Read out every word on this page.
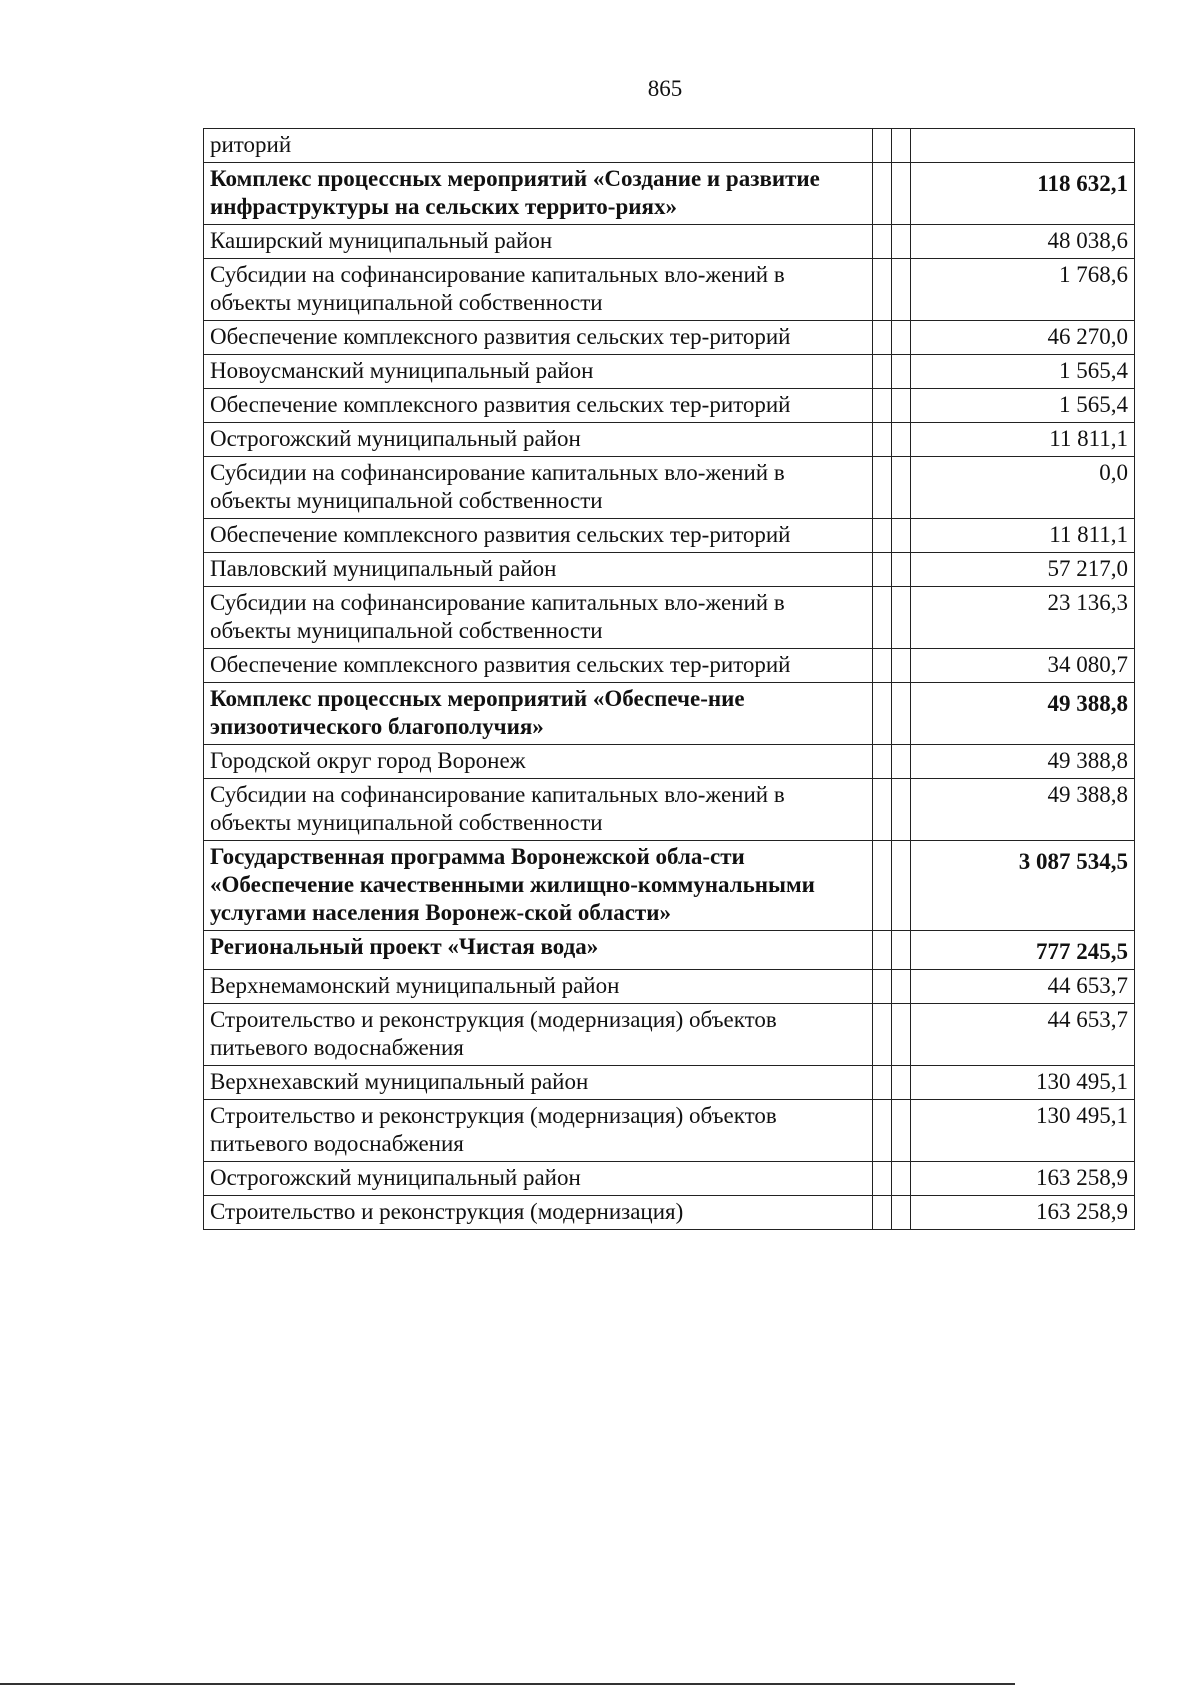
865
риторий			
Комплекс процессных мероприятий «Создание и развитие инфраструктуры на сельских террито-риях»			118 632,1
Каширский муниципальный район			48 038,6
Субсидии на софинансирование капитальных вло-жений в объекты муниципальной собственности			1 768,6
Обеспечение комплексного развития сельских тер-риторий			46 270,0
Новоусманский муниципальный район			1 565,4
Обеспечение комплексного развития сельских тер-риторий			1 565,4
Острогожский муниципальный район			11 811,1
Субсидии на софинансирование капитальных вло-жений в объекты муниципальной собственности			0,0
Обеспечение комплексного развития сельских тер-риторий			11 811,1
Павловский муниципальный район			57 217,0
Субсидии на софинансирование капитальных вло-жений в объекты муниципальной собственности			23 136,3
Обеспечение комплексного развития сельских тер-риторий			34 080,7
Комплекс процессных мероприятий «Обеспече-ние эпизоотического благополучия»			49 388,8
Городской округ город Воронеж			49 388,8
Субсидии на софинансирование капитальных вло-жений в объекты муниципальной собственности			49 388,8
Государственная программа Воронежской обла-сти «Обеспечение качественными жилищно-коммунальными услугами населения Воронеж-ской области»			3 087 534,5
Региональный проект «Чистая вода»			777 245,5
Верхнемамонский муниципальный район			44 653,7
Строительство и реконструкция (модернизация) объектов питьевого водоснабжения			44 653,7
Верхнехавский муниципальный район			130 495,1
Строительство и реконструкция (модернизация) объектов питьевого водоснабжения			130 495,1
Острогожский муниципальный район			163 258,9
Строительство и реконструкция (модернизация)			163 258,9
